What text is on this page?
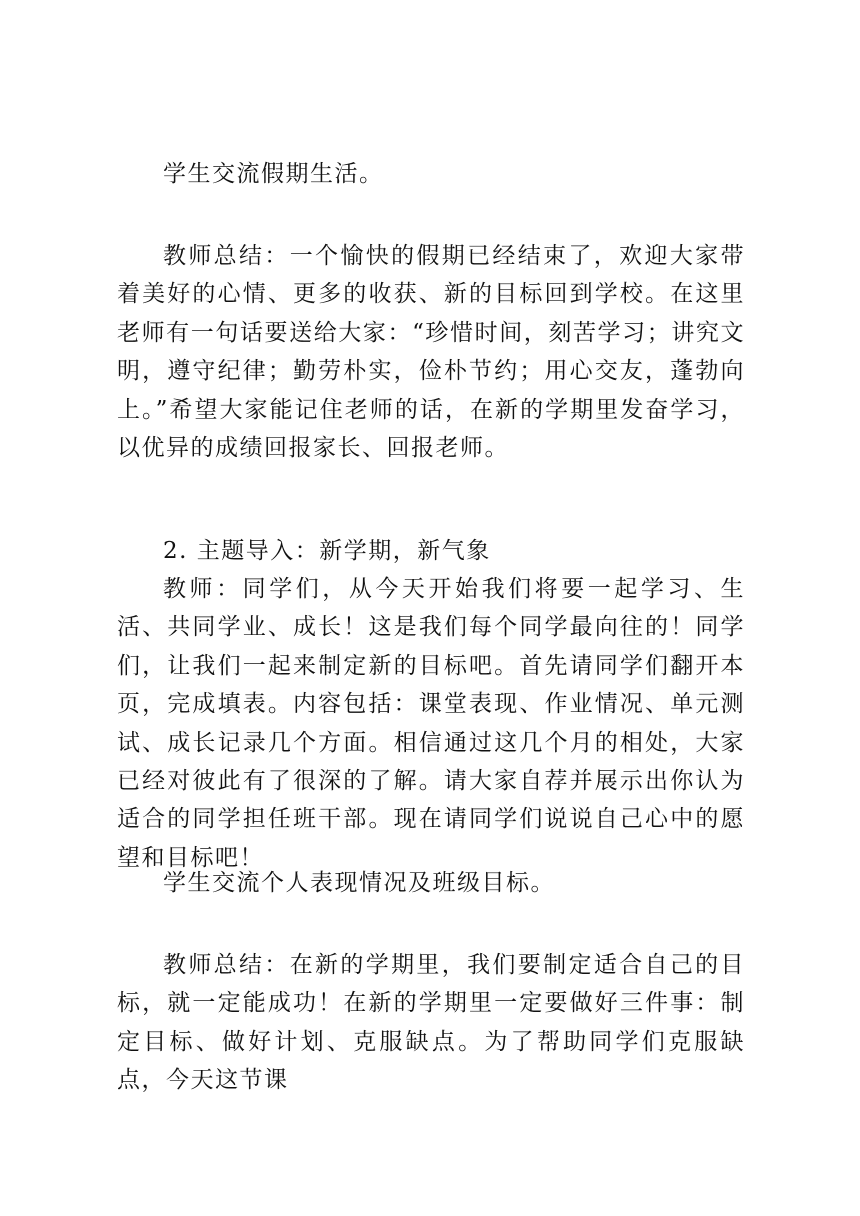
学生交流假期生活。

教师总结：一个愉快的假期已经结束了，欢迎大家带着美好的心情、更多的收获、新的目标回到学校。在这里老师有一句话要送给大家：“珍惜时间，刻苦学习；讲究文明，遵守纪律；勤劳朴实，俭朴节约；用心交友，蓬勃向上。”希望大家能记住老师的话，在新的学期里发奋学习，以优异的成绩回报家长、回报老师。

2. 主题导入：新学期，新气象

教师：同学们，从今天开始我们将要一起学习、生活、共同学业、成长！这是我们每个同学最向往的！同学们，让我们一起来制定新的目标吧。首先请同学们翻开本页，完成填表。内容包括：课堂表现、作业情况、单元测试、成长记录几个方面。相信通过这几个月的相处，大家已经对彼此有了很深的了解。请大家自荐并展示出你认为适合的同学担任班干部。现在请同学们说说自己心中的愿望和目标吧！

学生交流个人表现情况及班级目标。

教师总结：在新的学期里，我们要制定适合自己的目标，就一定能成功！在新的学期里一定要做好三件事：制定目标、做好计划、克服缺点。为了帮助同学们克服缺点，今天这节课
